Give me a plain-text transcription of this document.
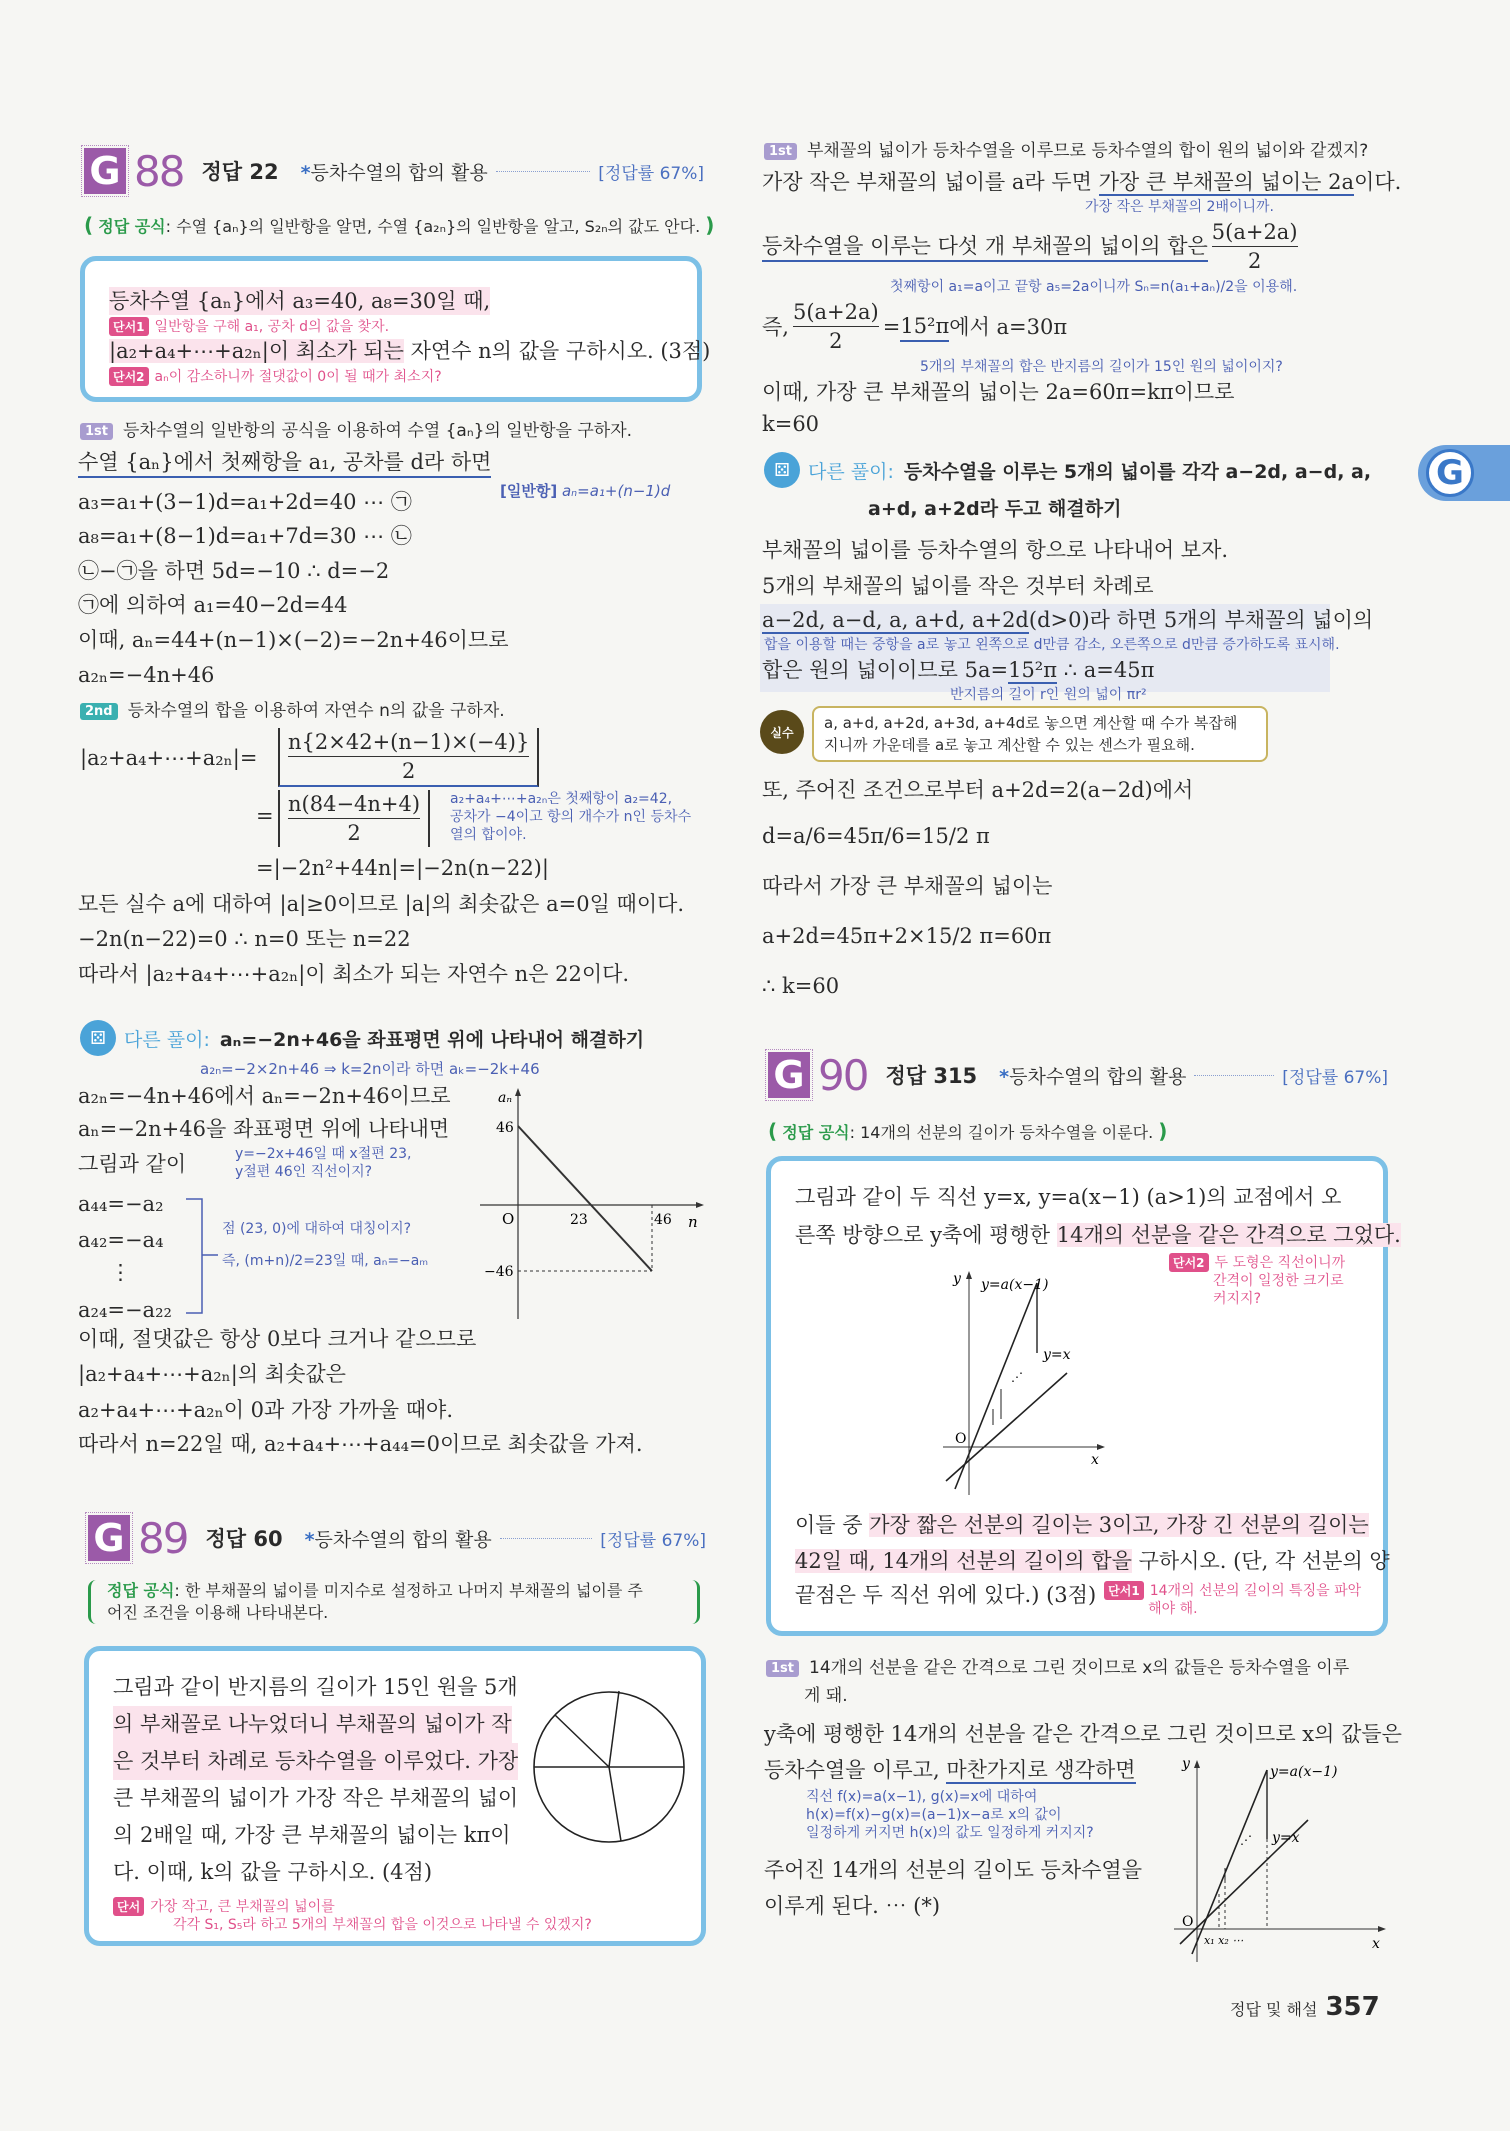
G 88 정답 22 *등차수열의 합의 활용	[정답률 67%]
( 정답 공식: 수열 {aₙ}의 일반항을 알면, 수열 {a₂ₙ}의 일반항을 알고, S₂ₙ의 값도 안다. )
등차수열 {aₙ}에서 a₃=40, a₈=30일 때,
단서1 일반항을 구해 a₁, 공차 d의 값을 찾자.
|a₂+a₄+⋯+a₂ₙ|이 최소가 되는 자연수 n의 값을 구하시오. (3점)
단서2 aₙ이 감소하니까 절댓값이 0이 될 때가 최소지?
1st 등차수열의 일반항의 공식을 이용하여 수열 {aₙ}의 일반항을 구하자.
수열 {aₙ}에서 첫째항을 a₁, 공차를 d라 하면
[일반항] aₙ=a₁+(n−1)d
a₃=a₁+(3−1)d=a₁+2d=40 ⋯ ㉠
a₈=a₁+(8−1)d=a₁+7d=30 ⋯ ㉡
㉡−㉠을 하면 5d=−10 ∴ d=−2
㉠에 의하여 a₁=40−2d=44
이때, aₙ=44+(n−1)×(−2)=−2n+46이므로
a₂ₙ=−4n+46
2nd 등차수열의 합을 이용하여 자연수 n의 값을 구하자.
|a₂+a₄+⋯+a₂ₙ|= $\frac{n\{2\times 42+(n-1)\times(-4)\}}{2}$
= $\frac{n(84-4n+4)}{2}$ a₂+a₄+⋯+a₂ₙ은 첫째항이 a₂=42,
공차가 −4이고 항의 개수가 n인 등차수
열의 합이야.
=|−2n²+44n|=|−2n(n−22)|
모든 실수 a에 대하여 |a|≥0이므로 |a|의 최솟값은 a=0일 때이다.
−2n(n−22)=0 ∴ n=0 또는 n=22
따라서 |a₂+a₄+⋯+a₂ₙ|이 최소가 되는 자연수 n은 22이다.
⚄ 다른 풀이: aₙ=−2n+46을 좌표평면 위에 나타내어 해결하기
a₂ₙ=−2×2n+46 ⇒ k=2n이라 하면 aₖ=−2k+46
a₂ₙ=−4n+46에서 aₙ=−2n+46이므로
aₙ=−2n+46을 좌표평면 위에 나타내면
y=−2x+46일 때 x절편 23,
y절편 46인 직선이지?
그림과 같이
a₄₄=−a₂
a₄₂=−a₄
⋮
a₂₄=−a₂₂
점 (23, 0)에 대하여 대칭이지?
즉, (m+n)/2=23일 때, aₙ=−aₘ
aₙ
n
O
46
−46
23	46
이때, 절댓값은 항상 0보다 크거나 같으므로
|a₂+a₄+⋯+a₂ₙ|의 최솟값은
a₂+a₄+⋯+a₂ₙ이 0과 가장 가까울 때야.
따라서 n=22일 때, a₂+a₄+⋯+a₄₄=0이므로 최솟값을 가져.
G 89 정답 60 *등차수열의 합의 활용	[정답률 67%]
정답 공식: 한 부채꼴의 넓이를 미지수로 설정하고 나머지 부채꼴의 넓이를 주
어진 조건을 이용해 나타내본다.
그림과 같이 반지름의 길이가 15인 원을 5개
의 부채꼴로 나누었더니 부채꼴의 넓이가 작
은 것부터 차례로 등차수열을 이루었다. 가장
큰 부채꼴의 넓이가 가장 작은 부채꼴의 넓이
의 2배일 때, 가장 큰 부채꼴의 넓이는 kπ이
다. 이때, k의 값을 구하시오. (4점)
단서 가장 작고, 큰 부채꼴의 넓이를
각각 S₁, S₅라 하고 5개의 부채꼴의 합을 이것으로 나타낼 수 있겠지?
1st 부채꼴의 넓이가 등차수열을 이루므로 등차수열의 합이 원의 넓이와 같겠지?
가장 작은 부채꼴의 넓이를 a라 두면 가장 큰 부채꼴의 넓이는 2a이다.
가장 작은 부채꼴의 2배이니까.
등차수열을 이루는 다섯 개 부채꼴의 넓이의 합은 $\frac{5(a+2a)}{2}$
첫째항이 a₁=a이고 끝항 a₅=2a이니까 Sₙ=n(a₁+aₙ)/2을 이용해.
즉, $\frac{5(a+2a)}{2} = 15^2\pi$ 에서 a=30π
5개의 부채꼴의 합은 반지름의 길이가 15인 원의 넓이이지?
이때, 가장 큰 부채꼴의 넓이는 2a=60π=kπ이므로
k=60
⚄ 다른 풀이: 등차수열을 이루는 5개의 넓이를 각각 a−2d, a−d, a,
a+d, a+2d라 두고 해결하기
부채꼴의 넓이를 등차수열의 항으로 나타내어 보자.
5개의 부채꼴의 넓이를 작은 것부터 차례로
a−2d, a−d, a, a+d, a+2d(d>0)라 하면 5개의 부채꼴의 넓이의
합을 이용할 때는 중항을 a로 놓고 왼쪽으로 d만큼 감소, 오른쪽으로 d만큼 증가하도록 표시해.
합은 원의 넓이이므로 5a=15²π ∴ a=45π
반지름의 길이 r인 원의 넓이 πr²
실수
a, a+d, a+2d, a+3d, a+4d로 놓으면 계산할 때 수가 복잡해
지니까 가운데를 a로 놓고 계산할 수 있는 센스가 필요해.
또, 주어진 조건으로부터 a+2d=2(a−2d)에서
d=a/6=45π/6=15/2 π
따라서 가장 큰 부채꼴의 넓이는
a+2d=45π+2×15/2 π=60π
∴ k=60
G
G 90 정답 315 *등차수열의 합의 활용	[정답률 67%]
( 정답 공식: 14개의 선분의 길이가 등차수열을 이룬다. )
그림과 같이 두 직선 y=x, y=a(x−1) (a>1)의 교점에서 오
른쪽 방향으로 y축에 평행한 14개의 선분을 같은 간격으로 그었다.
단서2 두 도형은 직선이니까
간격이 일정한 크기로
커지지?
⋰
y y=a(x−1)
y=x
O
x
이들 중 가장 짧은 선분의 길이는 3이고, 가장 긴 선분의 길이는
42일 때, 14개의 선분의 길이의 합을 구하시오. (단, 각 선분의 양
끝점은 두 직선 위에 있다.) (3점)	단서1 14개의 선분의 길이의 특징을 파악
해야 해.
1st 14개의 선분을 같은 간격으로 그린 것이므로 x의 값들은 등차수열을 이루
게 돼.
y축에 평행한 14개의 선분을 같은 간격으로 그린 것이므로 x의 값들은
등차수열을 이루고, 마찬가지로 생각하면
직선 f(x)=a(x−1), g(x)=x에 대하여
h(x)=f(x)−g(x)=(a−1)x−a로 x의 값이
일정하게 커지면 h(x)의 값도 일정하게 커지지?
주어진 14개의 선분의 길이도 등차수열을
이루게 된다. ⋯ (*)
⋰
y	y=a(x−1)
y=x
O
x₁ x₂ ⋯	x
정답 및 해설 357
